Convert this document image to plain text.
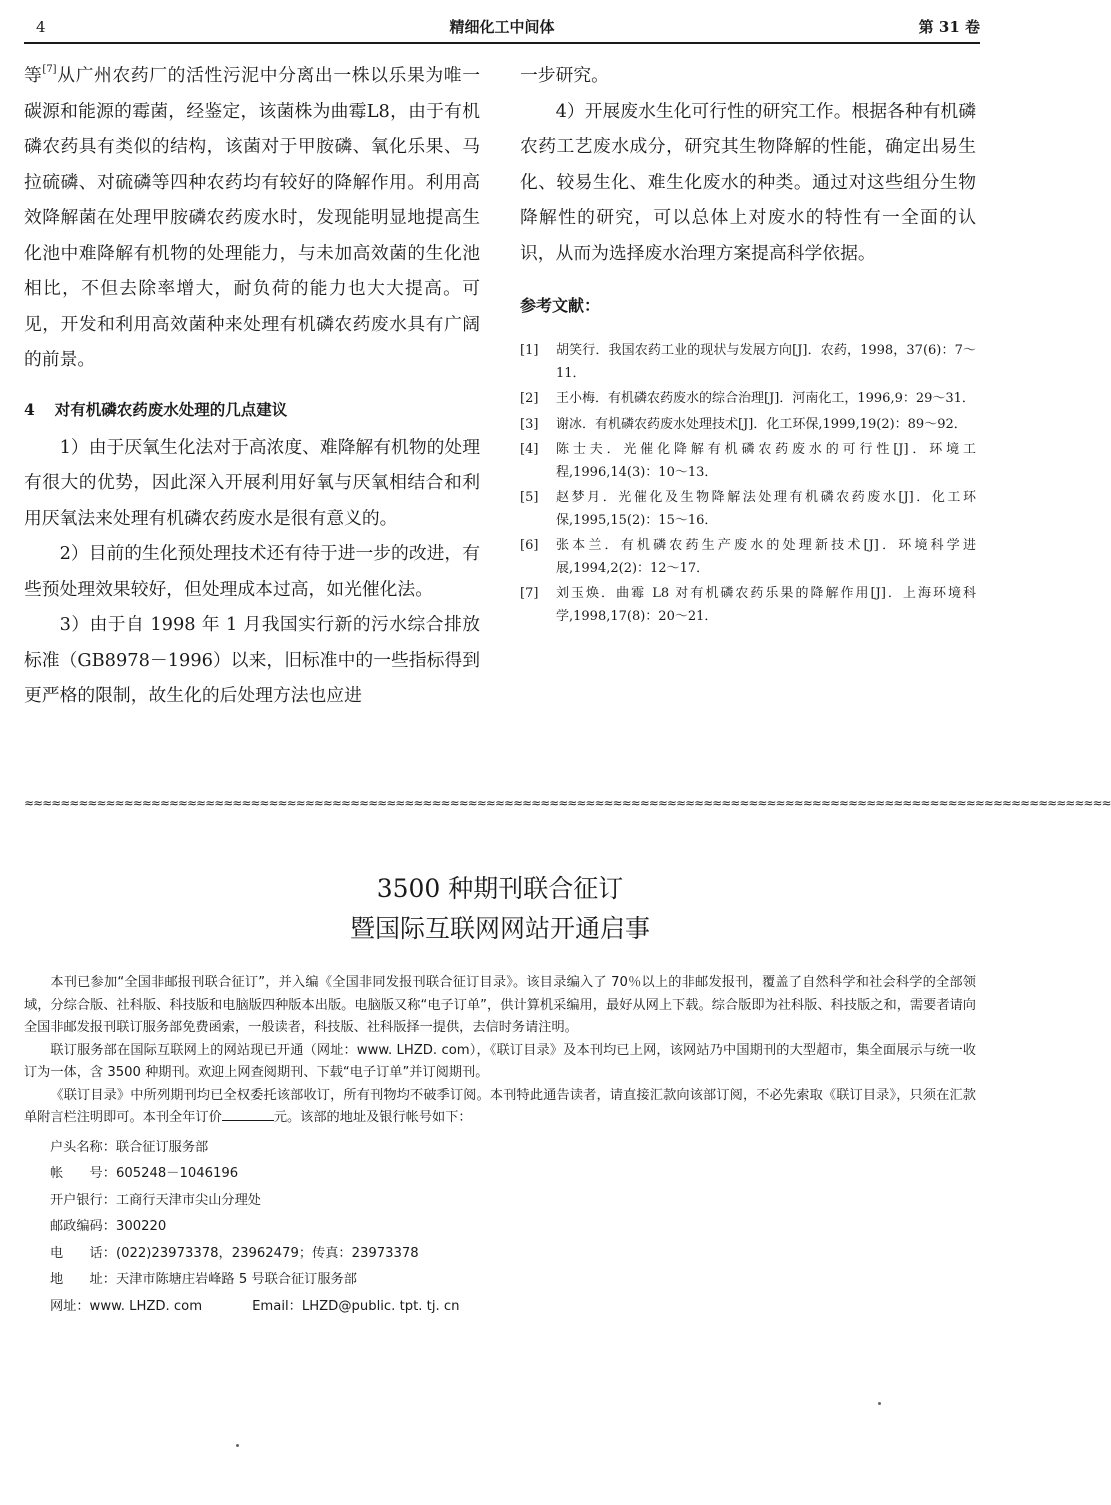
精细化工中间体
4	第 31 卷

等[7]从广州农药厂的活性污泥中分离出一株以乐果为唯一碳源和能源的霉菌，经鉴定，该菌株为曲霉L8，由于有机磷农药具有类似的结构，该菌对于甲胺磷、氧化乐果、马拉硫磷、对硫磷等四种农药均有较好的降解作用。利用高效降解菌在处理甲胺磷农药废水时，发现能明显地提高生化池中难降解有机物的处理能力，与未加高效菌的生化池相比，不但去除率增大，耐负荷的能力也大大提高。可见，开发和利用高效菌种来处理有机磷农药废水具有广阔的前景。

4 对有机磷农药废水处理的几点建议

1）由于厌氧生化法对于高浓度、难降解有机物的处理有很大的优势，因此深入开展利用好氧与厌氧相结合和利用厌氧法来处理有机磷农药废水是很有意义的。

2）目前的生化预处理技术还有待于进一步的改进，有些预处理效果较好，但处理成本过高，如光催化法。

3）由于自 1998 年 1 月我国实行新的污水综合排放标准（GB8978－1996）以来，旧标准中的一些指标得到更严格的限制，故生化的后处理方法也应进

一步研究。

4）开展废水生化可行性的研究工作。根据各种有机磷农药工艺废水成分，研究其生物降解的性能，确定出易生化、较易生化、难生化废水的种类。通过对这些组分生物降解性的研究，可以总体上对废水的特性有一全面的认识，从而为选择废水治理方案提高科学依据。

参考文献：
[1] 胡笑行．我国农药工业的现状与发展方向[J]．农药，1998，37(6)：7～11．
[2] 王小梅．有机磷农药废水的综合治理[J]．河南化工，1996,9：29～31．
[3] 谢冰．有机磷农药废水处理技术[J]．化工环保,1999,19(2)：89～92．
[4] 陈士夫．光催化降解有机磷农药废水的可行性[J]．环境工程,1996,14(3)：10～13．
[5] 赵梦月．光催化及生物降解法处理有机磷农药废水[J]．化工环保,1995,15(2)：15～16．
[6] 张本兰．有机磷农药生产废水的处理新技术[J]．环境科学进展,1994,2(2)：12～17．
[7] 刘玉焕．曲霉 L8 对有机磷农药乐果的降解作用[J]．上海环境科学,1998,17(8)：20～21．
≈≈≈≈≈≈≈≈≈≈≈≈≈≈≈≈≈≈≈≈≈≈≈≈≈≈≈≈≈≈≈≈≈≈≈≈≈≈≈≈≈≈≈≈≈≈≈≈≈≈≈≈≈≈≈≈≈≈≈≈≈≈≈≈≈≈≈≈≈≈≈≈≈≈≈≈≈≈≈≈≈≈≈≈≈≈≈≈≈≈≈≈≈≈≈≈≈≈≈≈≈≈≈≈≈≈≈≈≈≈≈≈≈≈≈≈≈≈≈≈
3500 种期刊联合征订
暨国际互联网网站开通启事

本刊已参加“全国非邮报刊联合征订”，并入编《全国非同发报刊联合征订目录》。该目录编入了 70％以上的非邮发报刊，覆盖了自然科学和社会科学的全部领域，分综合版、社科版、科技版和电脑版四种版本出版。电脑版又称“电子订单”，供计算机采编用，最好从网上下载。综合版即为社科版、科技版之和，需要者请向全国非邮发报刊联订服务部免费函索，一般读者，科技版、社科版择一提供，去信时务请注明。

联订服务部在国际互联网上的网站现已开通（网址：www. LHZD. com），《联订目录》及本刊均已上网，该网站乃中国期刊的大型超市，集全面展示与统一收订为一体，含 3500 种期刊。欢迎上网查阅期刊、下载“电子订单”并订阅期刊。

《联订目录》中所列期刊均已全权委托该部收订，所有刊物均不破季订阅。本刊特此通告读者，请直接汇款向该部订阅，不必先索取《联订目录》，只须在汇款单附言栏注明即可。本刊全年订价	元。该部的地址及银行帐号如下：

户头名称：联合征订服务部
帐　　号：605248－1046196
开户银行：工商行天津市尖山分理处
邮政编码：300220
电　　话：(022)23973378，23962479；传真：23973378
地　　址：天津市陈塘庄岩峰路 5 号联合征订服务部
网址：www. LHZD. com	Email：LHZD@public. tpt. tj. cn
